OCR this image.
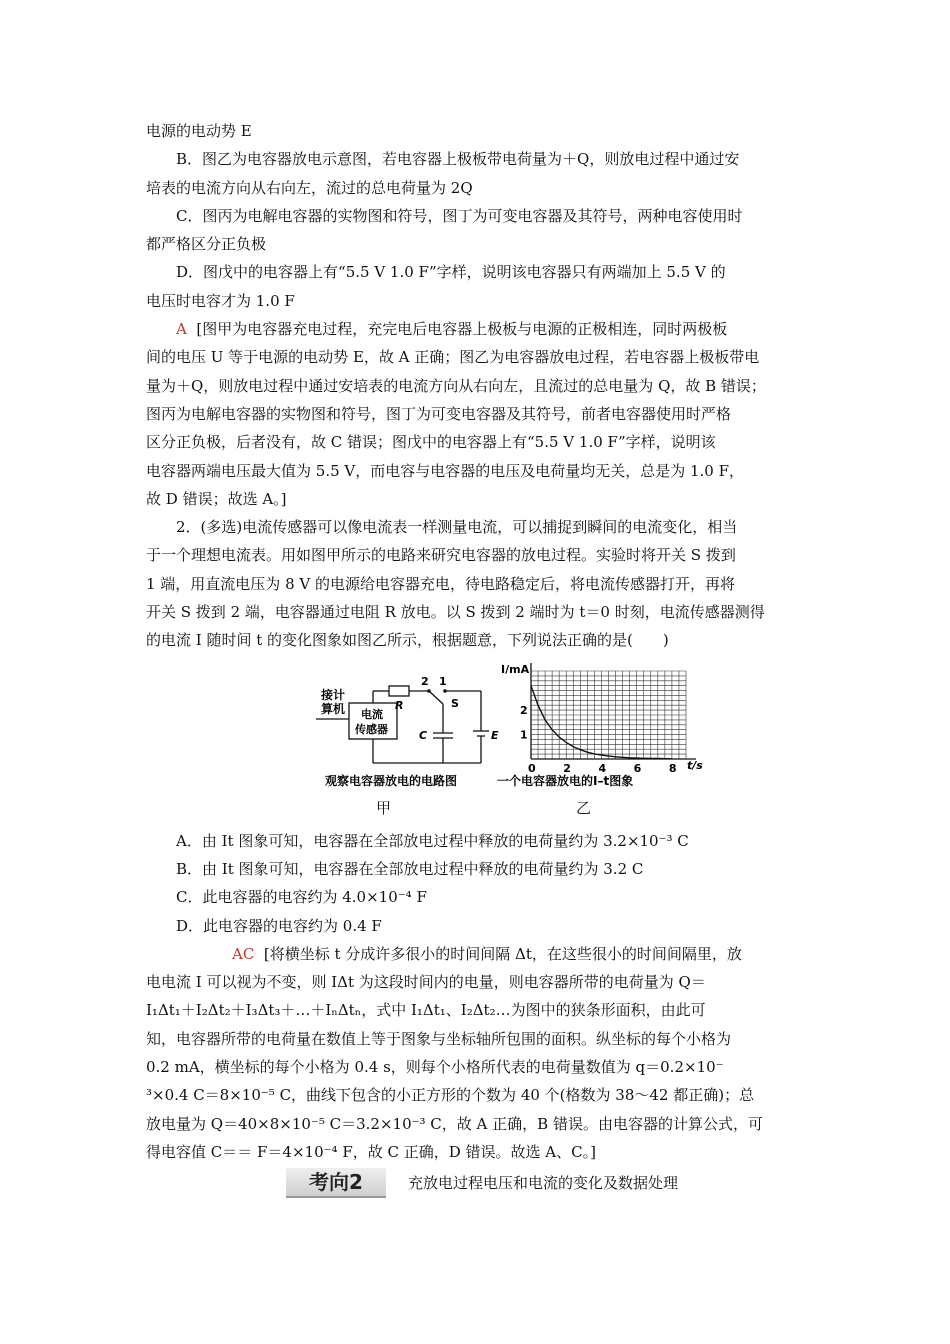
电源的电动势 E
B．图乙为电容器放电示意图，若电容器上极板带电荷量为＋Q，则放电过程中通过安
培表的电流方向从右向左，流过的总电荷量为 2Q
C．图丙为电解电容器的实物图和符号，图丁为可变电容器及其符号，两种电容使用时
都严格区分正负极
D．图戊中的电容器上有“5.5 V 1.0 F”字样，说明该电容器只有两端加上 5.5 V 的
电压时电容才为 1.0 F
A [图甲为电容器充电过程，充完电后电容器上极板与电源的正极相连，同时两极板
间的电压 U 等于电源的电动势 E，故 A 正确；图乙为电容器放电过程，若电容器上极板带电
量为＋Q，则放电过程中通过安培表的电流方向从右向左，且流过的总电量为 Q，故 B 错误；
图丙为电解电容器的实物图和符号，图丁为可变电容器及其符号，前者电容器使用时严格
区分正负极，后者没有，故 C 错误；图戊中的电容器上有“5.5 V 1.0 F”字样，说明该
电容器两端电压最大值为 5.5 V，而电容与电容器的电压及电荷量均无关，总是为 1.0 F，
故 D 错误；故选 A。]
2．(多选)电流传感器可以像电流表一样测量电流，可以捕捉到瞬间的电流变化，相当
于一个理想电流表。用如图甲所示的电路来研究电容器的放电过程。实验时将开关 S 拨到
1 端，用直流电压为 8 V 的电源给电容器充电，待电路稳定后，将电流传感器打开，再将
开关 S 拨到 2 端，电容器通过电阻 R 放电。以 S 拨到 2 端时为 t＝0 时刻，电流传感器测得
的电流 I 随时间 t 的变化图象如图乙所示，根据题意，下列说法正确的是(　　)
接计
算机 电流
传感器
R
2 1
S
C	E
观察电容器放电的电路图
I/mA
t/s
0	2	4	6	8
1
2
一个电容器放电的I–t图象
甲	乙
A．由 It 图象可知，电容器在全部放电过程中释放的电荷量约为 3.2×10⁻³ C
B．由 It 图象可知，电容器在全部放电过程中释放的电荷量约为 3.2 C
C．此电容器的电容约为 4.0×10⁻⁴ F
D．此电容器的电容约为 0.4 F
AC [将横坐标 t 分成许多很小的时间间隔 Δt，在这些很小的时间间隔里，放
电电流 I 可以视为不变，则 IΔt 为这段时间内的电量，则电容器所带的电荷量为 Q＝
I₁Δt₁＋I₂Δt₂＋I₃Δt₃＋…＋IₙΔtₙ，式中 I₁Δt₁、I₂Δt₂…为图中的狭条形面积，由此可
知，电容器所带的电荷量在数值上等于图象与坐标轴所包围的面积。纵坐标的每个小格为
0.2 mA，横坐标的每个小格为 0.4 s，则每个小格所代表的电荷量数值为 q＝0.2×10⁻
³×0.4 C＝8×10⁻⁵ C，曲线下包含的小正方形的个数为 40 个(格数为 38～42 都正确)；总
放电量为 Q＝40×8×10⁻⁵ C＝3.2×10⁻³ C，故 A 正确，B 错误。由电容器的计算公式，可
得电容值 C＝＝ F＝4×10⁻⁴ F，故 C 正确，D 错误。故选 A、C。]
考向2	充放电过程电压和电流的变化及数据处理
